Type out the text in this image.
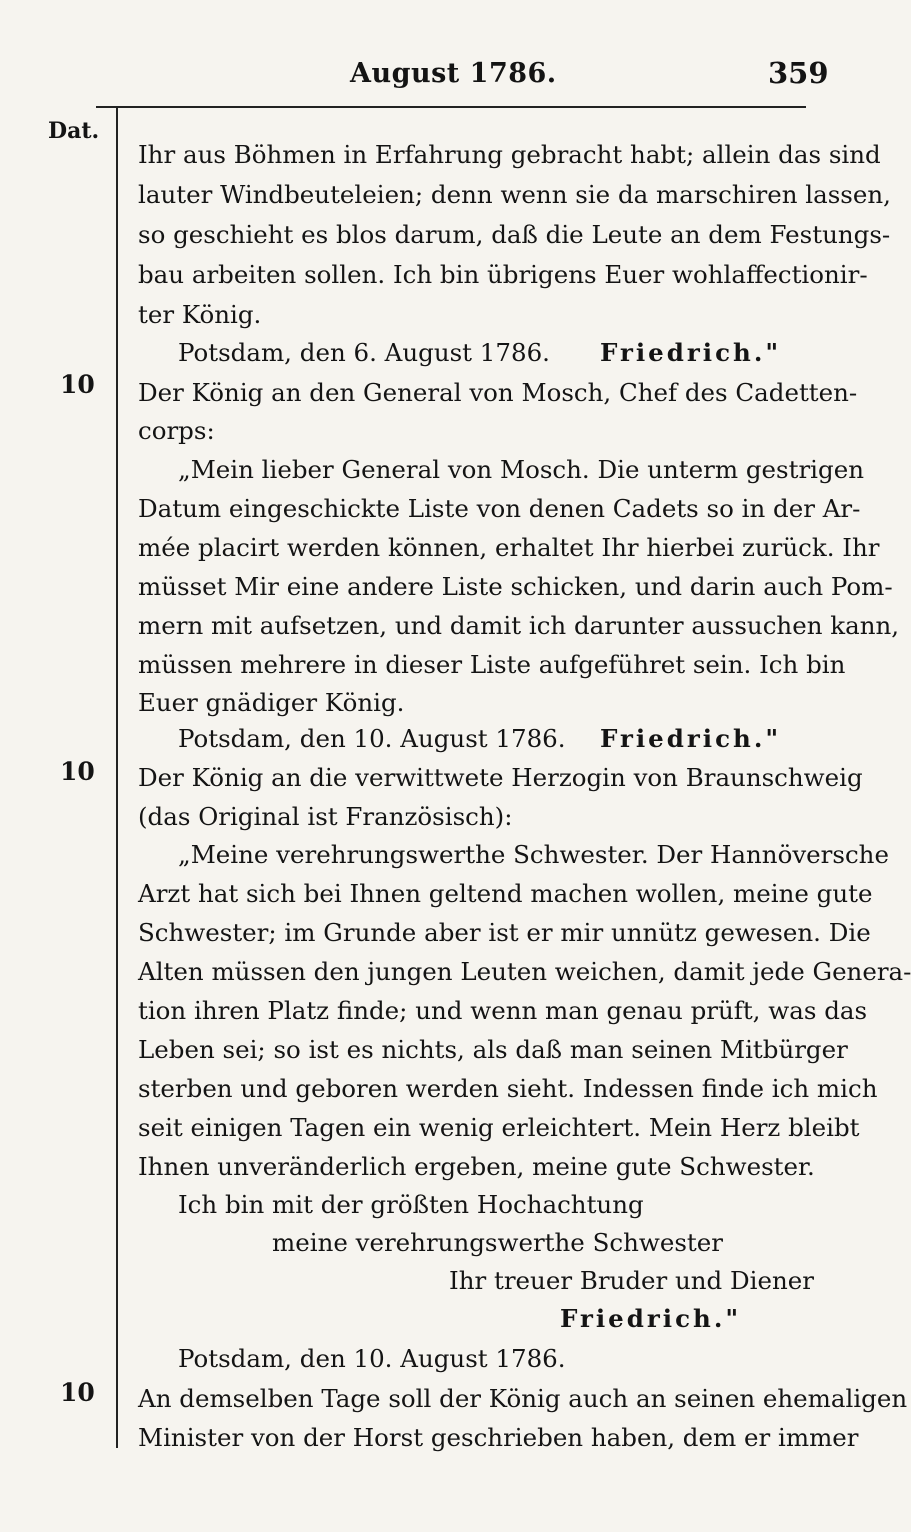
August 1786.	359
Dat.
10
10
10
Ihr aus Böhmen in Erfahrung gebracht habt; allein das sind
lauter Windbeuteleien; denn wenn sie da marschiren lassen,
so geschieht es blos darum, daß die Leute an dem Festungs-
bau arbeiten sollen. Ich bin übrigens Euer wohlaffectionir-
ter König.
Potsdam, den 6. August 1786.	Friedrich."
Der König an den General von Mosch, Chef des Cadetten-
corps:
„Mein lieber General von Mosch. Die unterm gestrigen
Datum eingeschickte Liste von denen Cadets so in der Ar-
mée placirt werden können, erhaltet Ihr hierbei zurück. Ihr
müsset Mir eine andere Liste schicken, und darin auch Pom-
mern mit aufsetzen, und damit ich darunter aussuchen kann,
müssen mehrere in dieser Liste aufgeführet sein. Ich bin
Euer gnädiger König.
Potsdam, den 10. August 1786.	Friedrich."
Der König an die verwittwete Herzogin von Braunschweig
(das Original ist Französisch):
„Meine verehrungswerthe Schwester. Der Hannöversche
Arzt hat sich bei Ihnen geltend machen wollen, meine gute
Schwester; im Grunde aber ist er mir unnütz gewesen. Die
Alten müssen den jungen Leuten weichen, damit jede Genera-
tion ihren Platz finde; und wenn man genau prüft, was das
Leben sei; so ist es nichts, als daß man seinen Mitbürger
sterben und geboren werden sieht. Indessen finde ich mich
seit einigen Tagen ein wenig erleichtert. Mein Herz bleibt
Ihnen unveränderlich ergeben, meine gute Schwester.
Ich bin mit der größten Hochachtung
meine verehrungswerthe Schwester
Ihr treuer Bruder und Diener
Friedrich."
Potsdam, den 10. August 1786.
An demselben Tage soll der König auch an seinen ehemaligen
Minister von der Horst geschrieben haben, dem er immer
